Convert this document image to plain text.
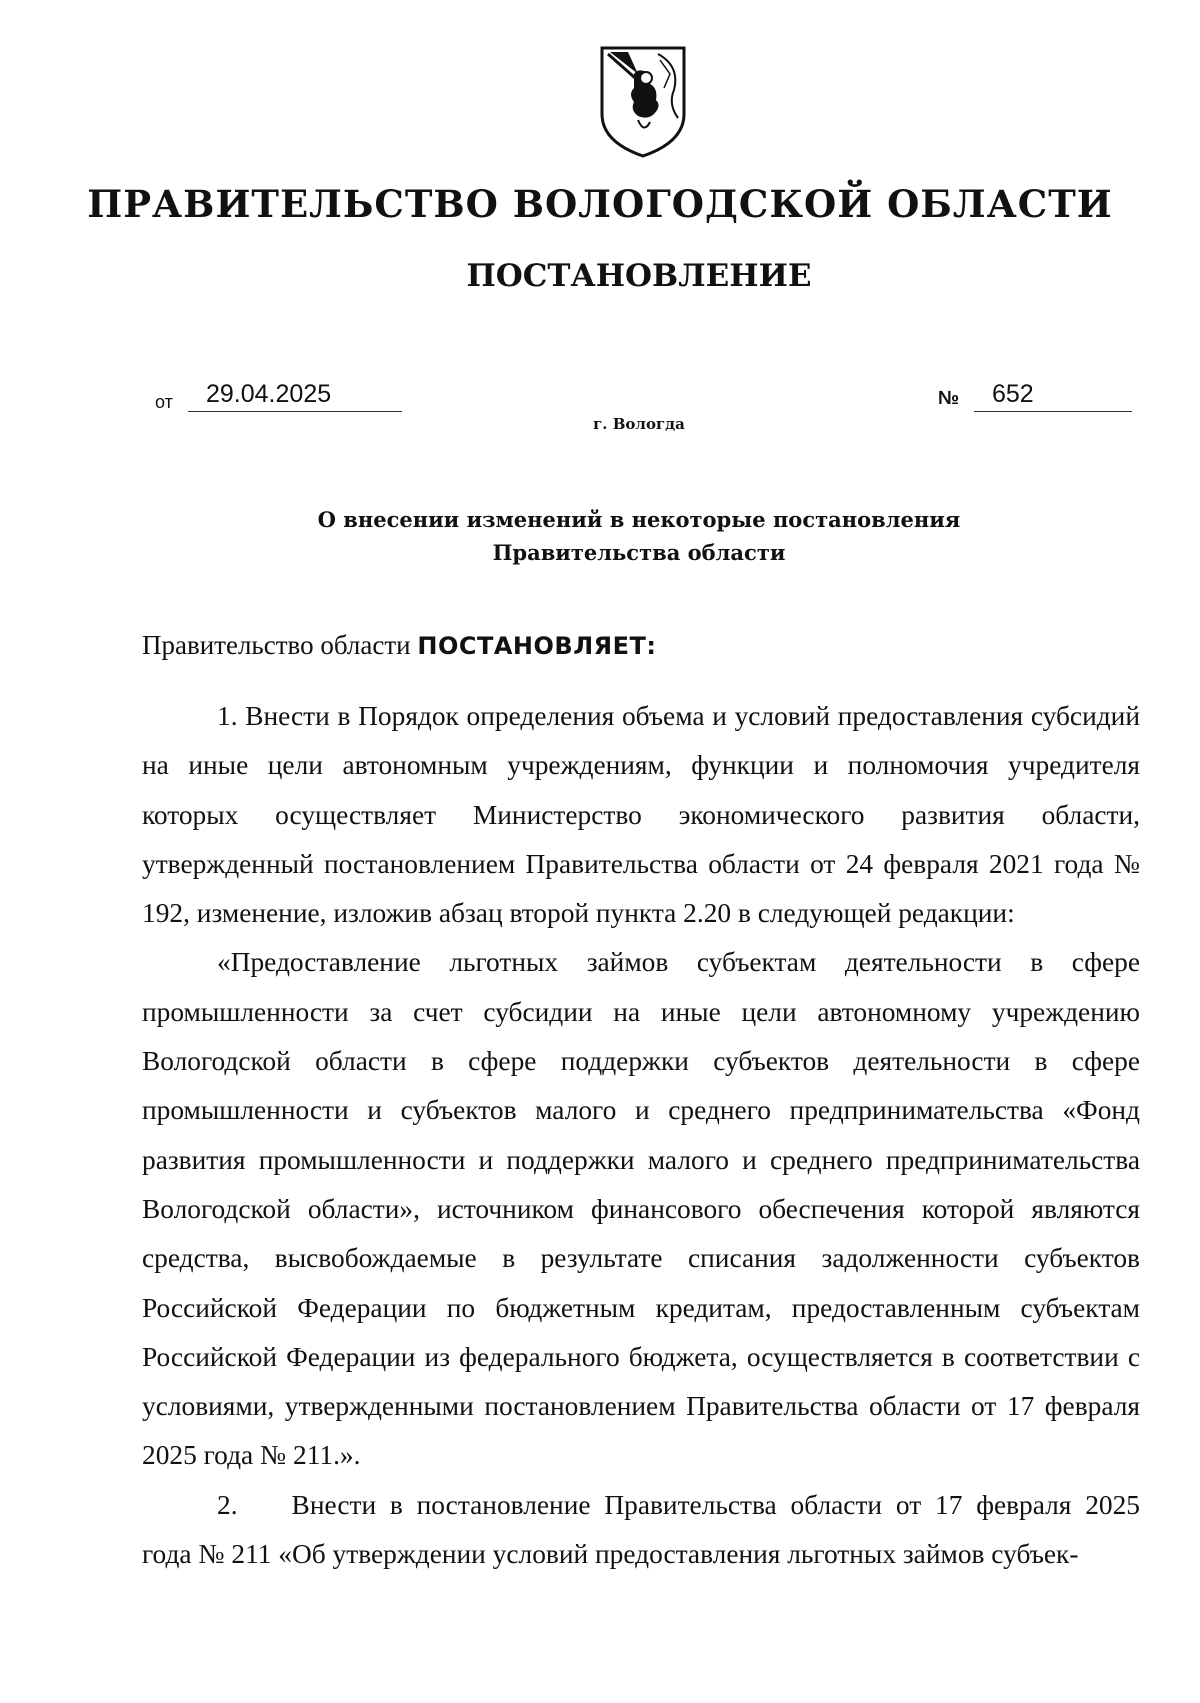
ПРАВИТЕЛЬСТВО ВОЛОГОДСКОЙ ОБЛАСТИ
ПОСТАНОВЛЕНИЕ
от	29.04.2025	№	652
г. Вологда
О внесении изменений в некоторые постановления
Правительства области
Правительство области ПОСТАНОВЛЯЕТ:

1. Внести в Порядок определения объема и условий предоставления субсидий на иные цели автономным учреждениям, функции и полномочия учредителя которых осуществляет Министерство экономического развития области, утвержденный постановлением Правительства области от 24 февраля 2021 года № 192, изменение, изложив абзац второй пункта 2.20 в следующей редакции:

«Предоставление льготных займов субъектам деятельности в сфере промышленности за счет субсидии на иные цели автономному учреждению Вологодской области в сфере поддержки субъектов деятельности в сфере промышленности и субъектов малого и среднего предпринимательства «Фонд развития промышленности и поддержки малого и среднего предпринимательства Вологодской области», источником финансового обеспечения которой являются средства, высвобождаемые в результате списания задолженности субъектов Российской Федерации по бюджетным кредитам, предоставленным субъектам Российской Федерации из федерального бюджета, осуществляется в соответствии с условиями, утвержденными постановлением Правительства области от 17 февраля 2025 года № 211.».

2. Внести в постановление Правительства области от 17 февраля 2025 года № 211 «Об утверждении условий предоставления льготных займов субъек-
